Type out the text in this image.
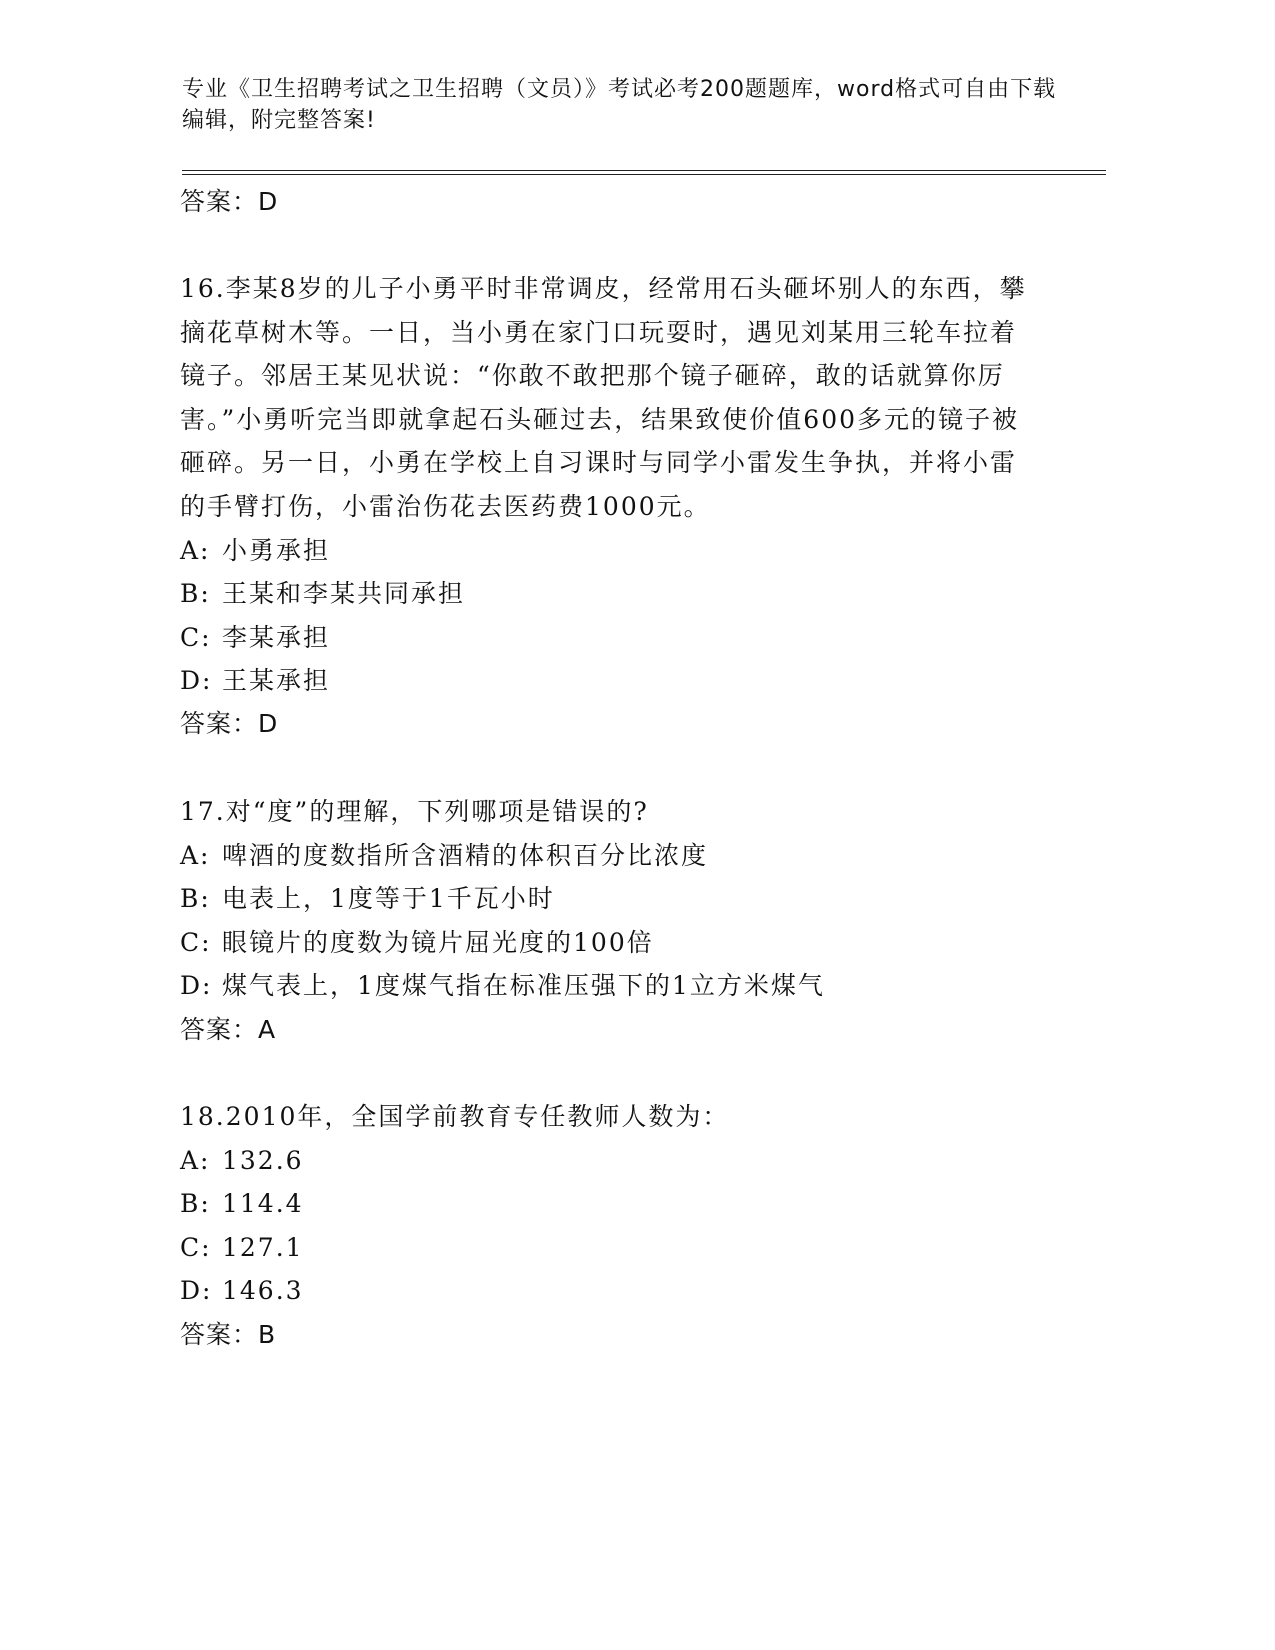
专业《卫生招聘考试之卫生招聘（文员）》考试必考200题题库，word格式可自由下载编辑，附完整答案!
答案：D

16.李某8岁的儿子小勇平时非常调皮，经常用石头砸坏别人的东西，攀摘花草树木等。一日，当小勇在家门口玩耍时，遇见刘某用三轮车拉着镜子。邻居王某见状说：“你敢不敢把那个镜子砸碎，敢的话就算你厉害。”小勇听完当即就拿起石头砸过去，结果致使价值600多元的镜子被砸碎。另一日，小勇在学校上自习课时与同学小雷发生争执，并将小雷的手臂打伤，小雷治伤花去医药费1000元。

A: 小勇承担

B: 王某和李某共同承担

C: 李某承担

D: 王某承担

答案：D

17.对“度”的理解，下列哪项是错误的?

A: 啤酒的度数指所含酒精的体积百分比浓度

B: 电表上，1度等于1千瓦小时

C: 眼镜片的度数为镜片屈光度的100倍

D: 煤气表上，1度煤气指在标准压强下的1立方米煤气

答案：A

18.2010年，全国学前教育专任教师人数为：

A: 132.6

B: 114.4

C: 127.1

D: 146.3

答案：B
